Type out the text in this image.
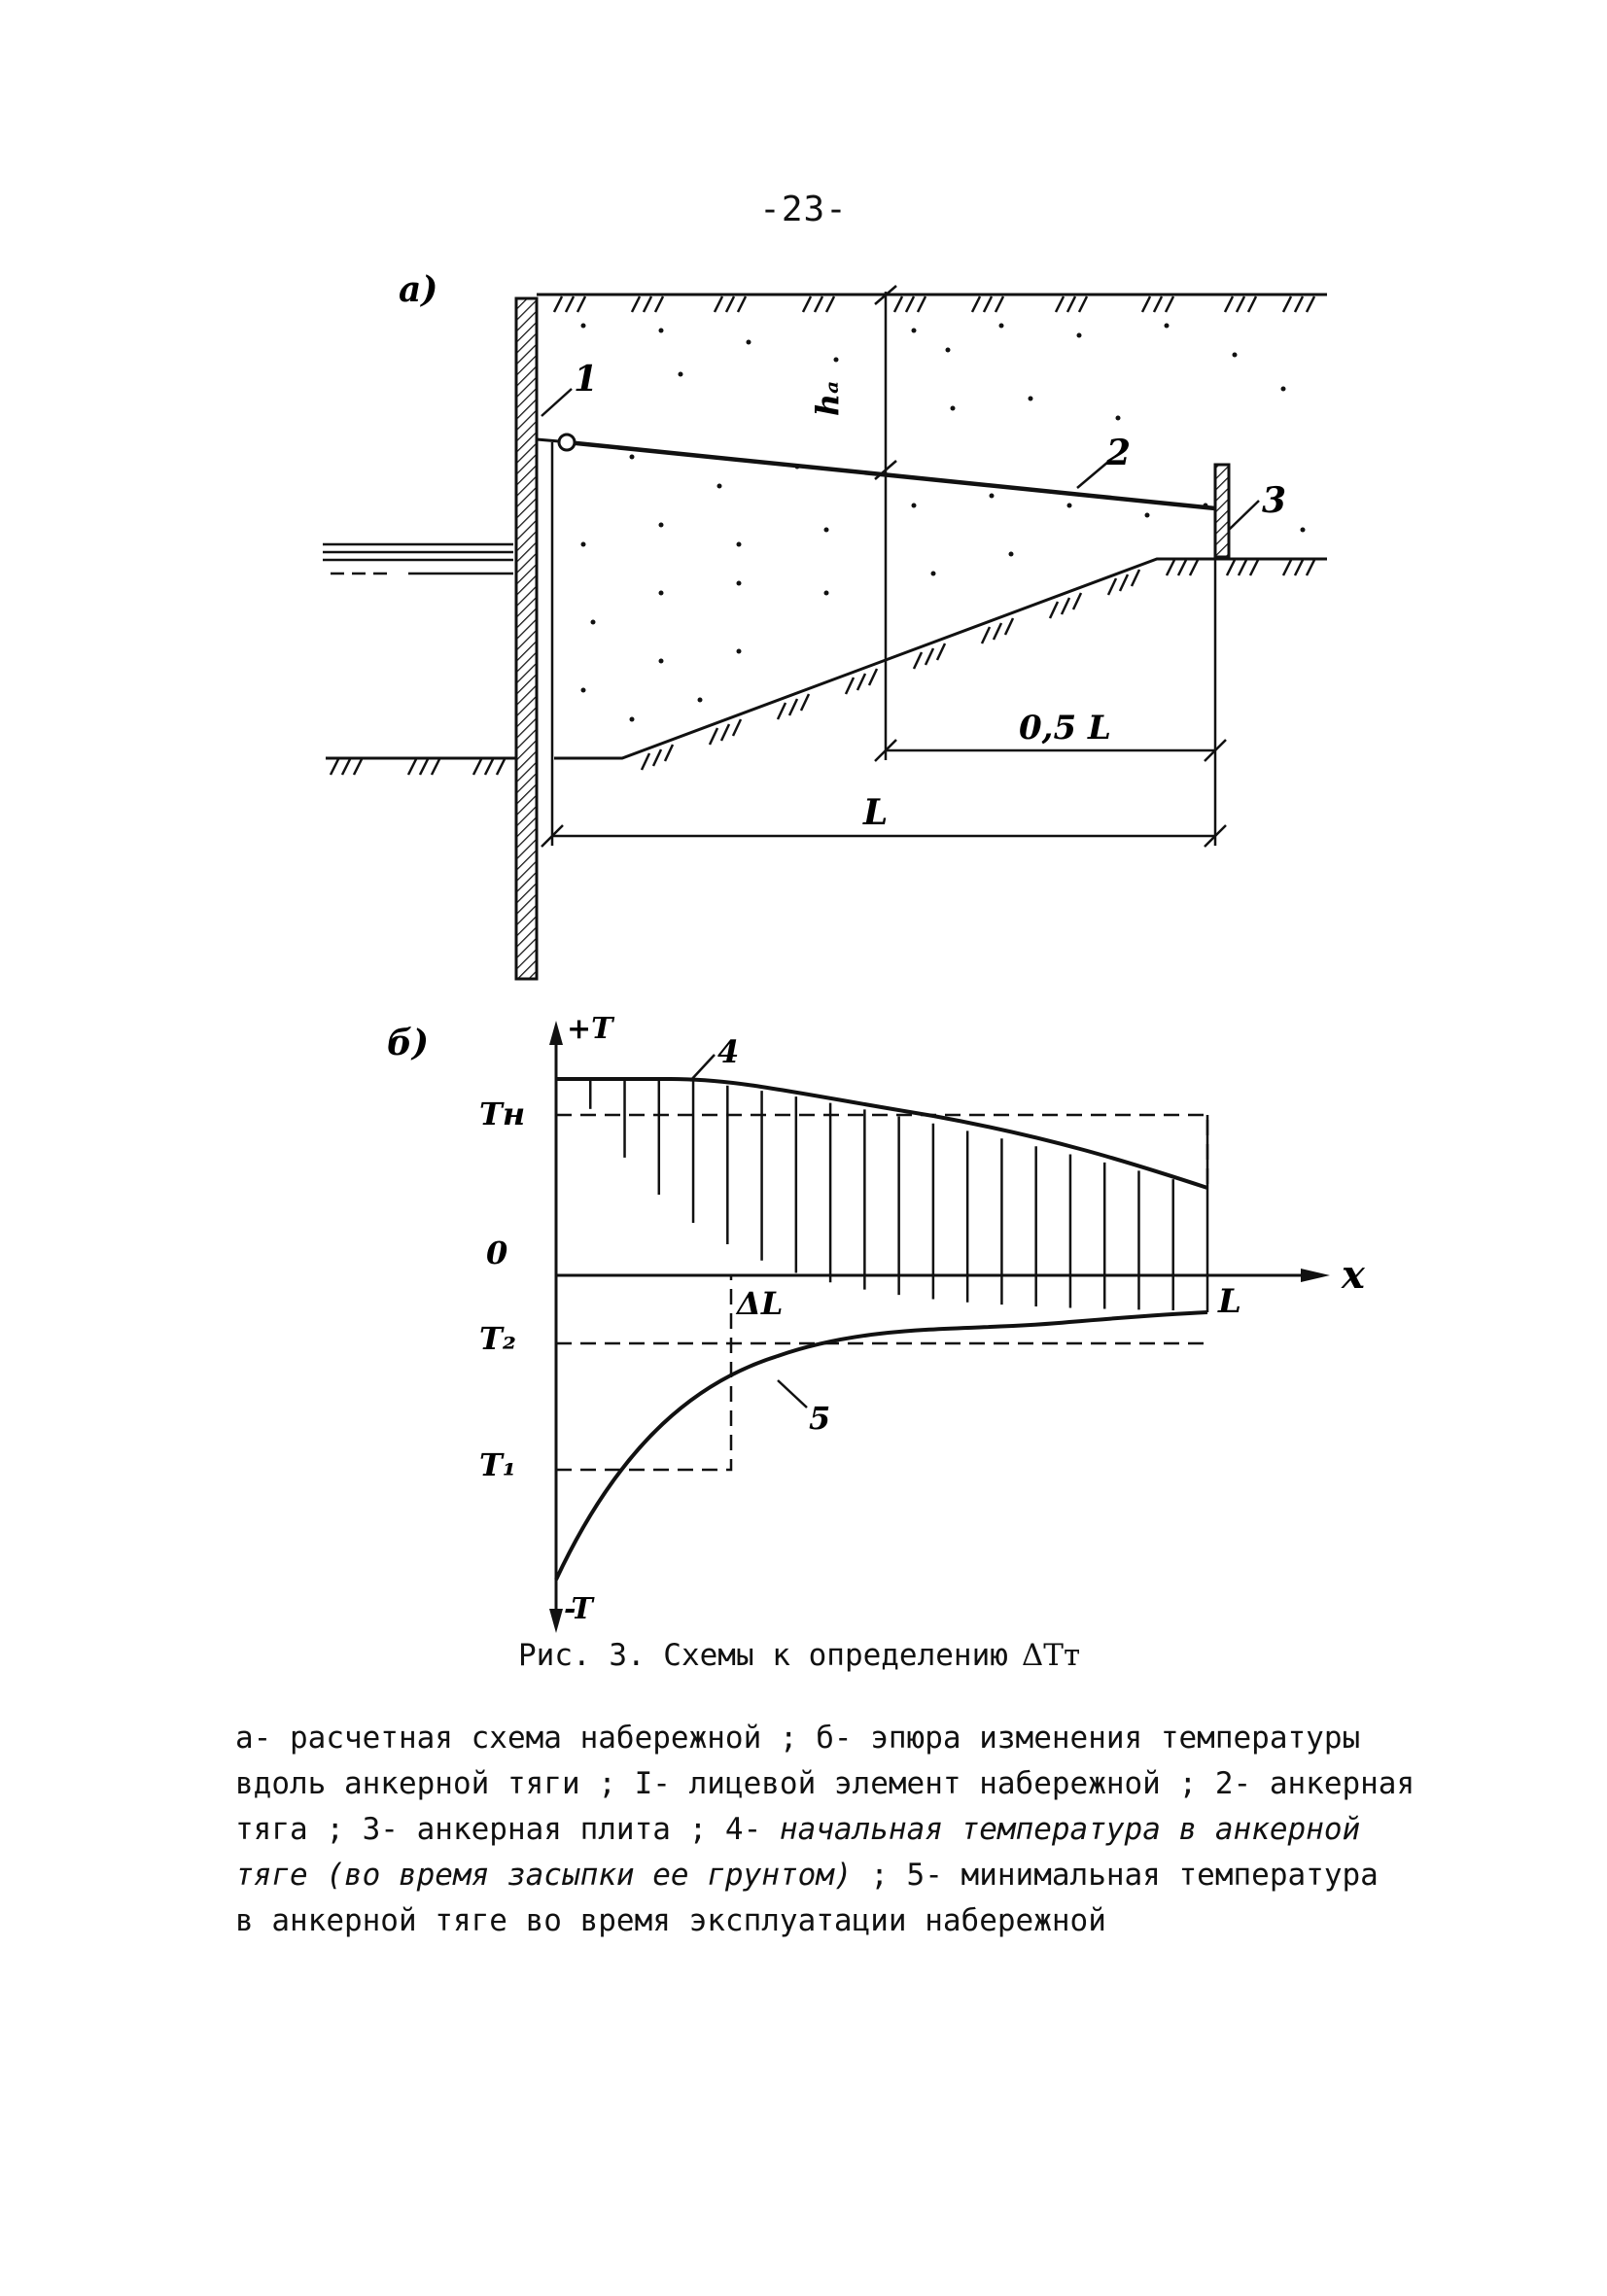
-23-
а)
hₐ
1
2
3
0,5 L
L
б)	+T
-T
x
L
0
Tн
T₂
T₁
ΔL
4
5
Рис. 3. Схемы к определению ΔTᴛ
а- расчетная схема набережной ; б- эпюра изменения температуры
вдоль анкерной тяги ; I- лицевой элемент набережной ; 2- анкерная
тяга ; 3- анкерная плита ; 4- начальная температура в анкерной
тяге (во время засыпки ее грунтом) ; 5- минимальная температура
в анкерной тяге во время эксплуатации набережной
